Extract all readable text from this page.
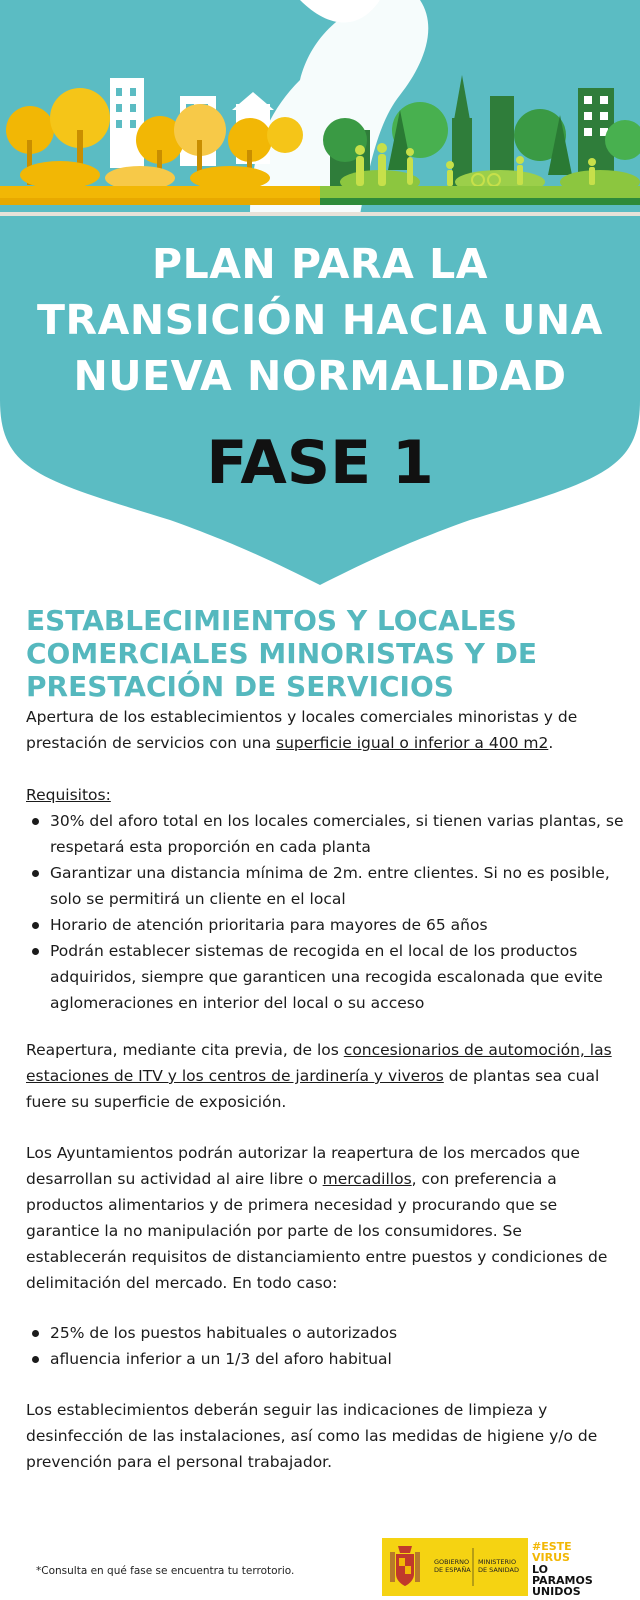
PLAN PARA LA
TRANSICIÓN HACIA UNA
NUEVA NORMALIDAD
FASE 1
ESTABLECIMIENTOS Y LOCALES
COMERCIALES MINORISTAS Y DE
PRESTACIÓN DE SERVICIOS

Apertura de los establecimientos y locales comerciales minoristas y de prestación de servicios con una superficie igual o inferior a 400 m2.

Requisitos:
30% del aforo total en los locales comerciales, si tienen varias plantas, se respetará esta proporción en cada planta
Garantizar una distancia mínima de 2m. entre clientes. Si no es posible, solo se permitirá un cliente en el local
Horario de atención prioritaria para mayores de 65 años
Podrán establecer sistemas de recogida en el local de los productos adquiridos, siempre que garanticen una recogida escalonada que evite aglomeraciones en interior del local o su acceso

Reapertura, mediante cita previa, de los concesionarios de automoción, las estaciones de ITV y los centros de jardinería y viveros de plantas sea cual fuere su superficie de exposición.

Los Ayuntamientos podrán autorizar la reapertura de los mercados que desarrollan su actividad al aire libre o mercadillos, con preferencia a productos alimentarios y de primera necesidad y procurando que se garantice la no manipulación por parte de los consumidores. Se establecerán requisitos de distanciamiento entre puestos y condiciones de delimitación del mercado. En todo caso:

25% de los puestos habituales o autorizados
afluencia inferior a un 1/3 del aforo habitual

Los establecimientos deberán seguir las indicaciones de limpieza y desinfección de las instalaciones, así como las medidas de higiene y/o de prevención para el personal trabajador.

*Consulta en qué fase se encuentra tu terrotorio.
GOBIERNO
DE ESPAÑA
MINISTERIO
DE SANIDAD
#ESTE
VIRUS
LO
PARAMOS
UNIDOS
